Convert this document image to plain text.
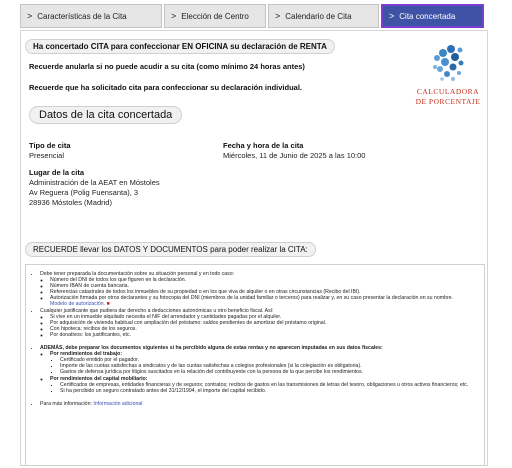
> Características de la Cita	> Elección de Centro	> Calendario de Cita	> Cita concertada
Ha concertado CITA para confeccionar EN OFICINA su declaración de RENTA
Recuerde anularla si no puede acudir a su cita (como mínimo 24 horas antes)
Recuerde que ha solicitado cita para confeccionar su declaración individual.	CALCULADORA
DE PORCENTAJE
Datos de la cita concertada
Tipo de cita
Presencial
Fecha y hora de la cita
Miércoles, 11 de Junio de 2025 a las 10:00
Lugar de la cita
Administración de la AEAT en Móstoles
Av Reguera (Polig Fuensanta), 3
28936 Móstoles (Madrid)
RECUERDE llevar los DATOS Y DOCUMENTOS para poder realizar la CITA:
• Debe tener preparada la documentación sobre su situación personal y en todo caso:
◦ Número del DNI de todos los que figuren en la declaración.
◦ Número IBAN de cuenta bancaria.
◦ Referencias catastrales de todos los inmuebles de su propiedad o en los que viva de alquiler o en otras circunstancias (Recibo del IBI).
◦ Autorización firmada por otros declarantes y su fotocopia del DNI (miembros de la unidad familiar o terceros) para realizar y, en su caso presentar la declaración en su nombre.
Modelo de autorización. ■
• Cualquier justificante que pudiera dar derecho a deducciones autonómicas u otro beneficio fiscal. Así:
◦ Si vive en un inmueble alquilado necesita el NIF del arrendador y cantidades pagadas por el alquiler.
◦ Por adquisición de vivienda habitual con ampliación del préstamo: saldos pendientes de amortizar del préstamo original.
◦ Con hipoteca: recibos de los seguros.
◦ Por donativos: los justificantes, etc.
• ADEMÁS, debe preparar los documentos siguientes si ha percibido alguna de estas rentas y no aparecen imputadas en sus datos fiscales:
◦ Por rendimientos del trabajo:
▪ Certificado emitido por el pagador.
▪ Importe de las cuotas satisfechas a sindicatos y de las cuotas satisfechas a colegios profesionales (si la colegiación es obligatoria).
▪ Gastos de defensa jurídica por litigios suscitados en la relación del contribuyente con la persona de la que percibe los rendimientos.
◦ Por rendimientos del capital mobiliario:
▪ Certificados de empresas, entidades financieras y de seguros; contratos; recibos de gastos en las transmisiones de letras del tesoro, obligaciones u otros activos financieros; etc.
▪ Si ha percibido un seguro contratado antes del 31/12/1994, el importe del capital recibido.
• Para más información: Información adicional
